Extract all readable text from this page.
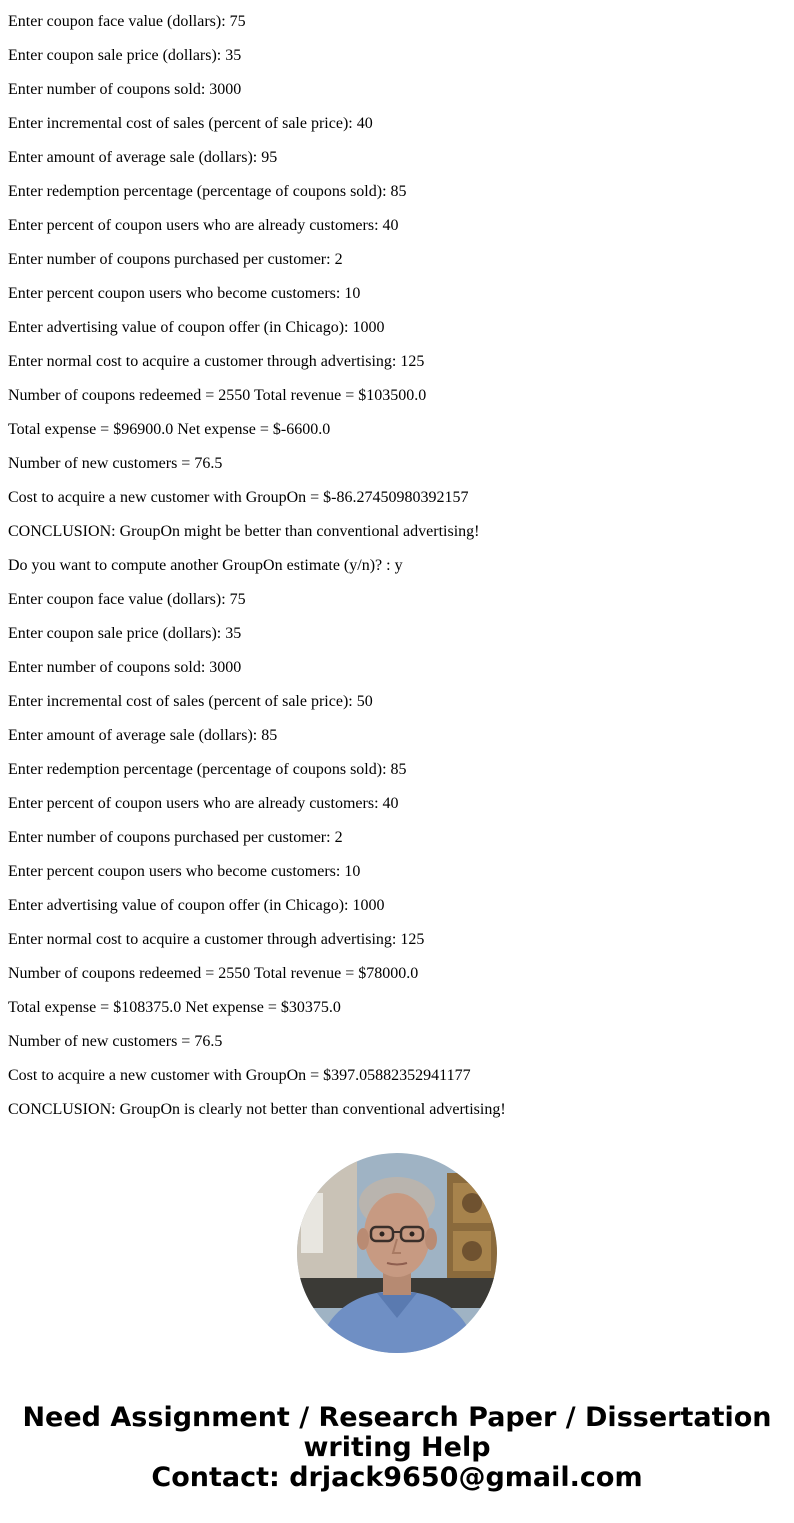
Enter coupon face value (dollars): 75
Enter coupon sale price (dollars): 35
Enter number of coupons sold: 3000
Enter incremental cost of sales (percent of sale price): 40
Enter amount of average sale (dollars): 95
Enter redemption percentage (percentage of coupons sold): 85
Enter percent of coupon users who are already customers: 40
Enter number of coupons purchased per customer: 2
Enter percent coupon users who become customers: 10
Enter advertising value of coupon offer (in Chicago): 1000
Enter normal cost to acquire a customer through advertising: 125
Number of coupons redeemed = 2550 Total revenue = $103500.0
Total expense = $96900.0 Net expense = $-6600.0
Number of new customers = 76.5
Cost to acquire a new customer with GroupOn = $-86.27450980392157
CONCLUSION: GroupOn might be better than conventional advertising!
Do you want to compute another GroupOn estimate (y/n)? : y
Enter coupon face value (dollars): 75
Enter coupon sale price (dollars): 35
Enter number of coupons sold: 3000
Enter incremental cost of sales (percent of sale price): 50
Enter amount of average sale (dollars): 85
Enter redemption percentage (percentage of coupons sold): 85
Enter percent of coupon users who are already customers: 40
Enter number of coupons purchased per customer: 2
Enter percent coupon users who become customers: 10
Enter advertising value of coupon offer (in Chicago): 1000
Enter normal cost to acquire a customer through advertising: 125
Number of coupons redeemed = 2550 Total revenue = $78000.0
Total expense = $108375.0 Net expense = $30375.0
Number of new customers = 76.5
Cost to acquire a new customer with GroupOn = $397.05882352941177
CONCLUSION: GroupOn is clearly not better than conventional advertising!
Need Assignment / Research Paper / Dissertation
writing Help
Contact: drjack9650@gmail.com
